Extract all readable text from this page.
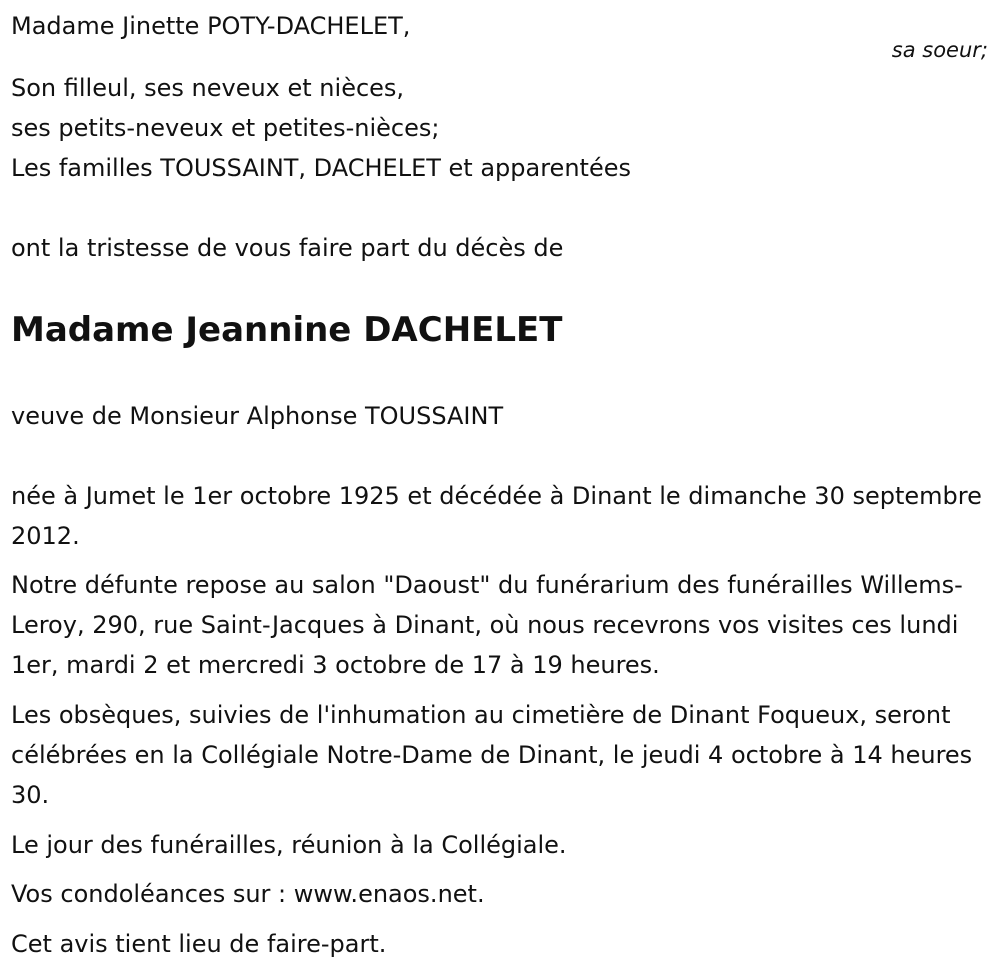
Madame Jinette POTY-DACHELET,

sa soeur;

Son filleul, ses neveux et nièces,

ses petits-neveux et petites-nièces;

Les familles TOUSSAINT, DACHELET et apparentées

ont la tristesse de vous faire part du décès de

Madame Jeannine DACHELET

veuve de Monsieur Alphonse TOUSSAINT

née à Jumet le 1er octobre 1925 et décédée à Dinant le dimanche 30 septembre 2012.

Notre défunte repose au salon "Daoust" du funérarium des funérailles Willems-Leroy, 290, rue Saint-Jacques à Dinant, où nous recevrons vos visites ces lundi 1er, mardi 2 et mercredi 3 octobre de 17 à 19 heures.

Les obsèques, suivies de l'inhumation au cimetière de Dinant Foqueux, seront célébrées en la Collégiale Notre-Dame de Dinant, le jeudi 4 octobre à 14 heures 30.

Le jour des funérailles, réunion à la Collégiale.

Vos condoléances sur : www.enaos.net.

Cet avis tient lieu de faire-part.
